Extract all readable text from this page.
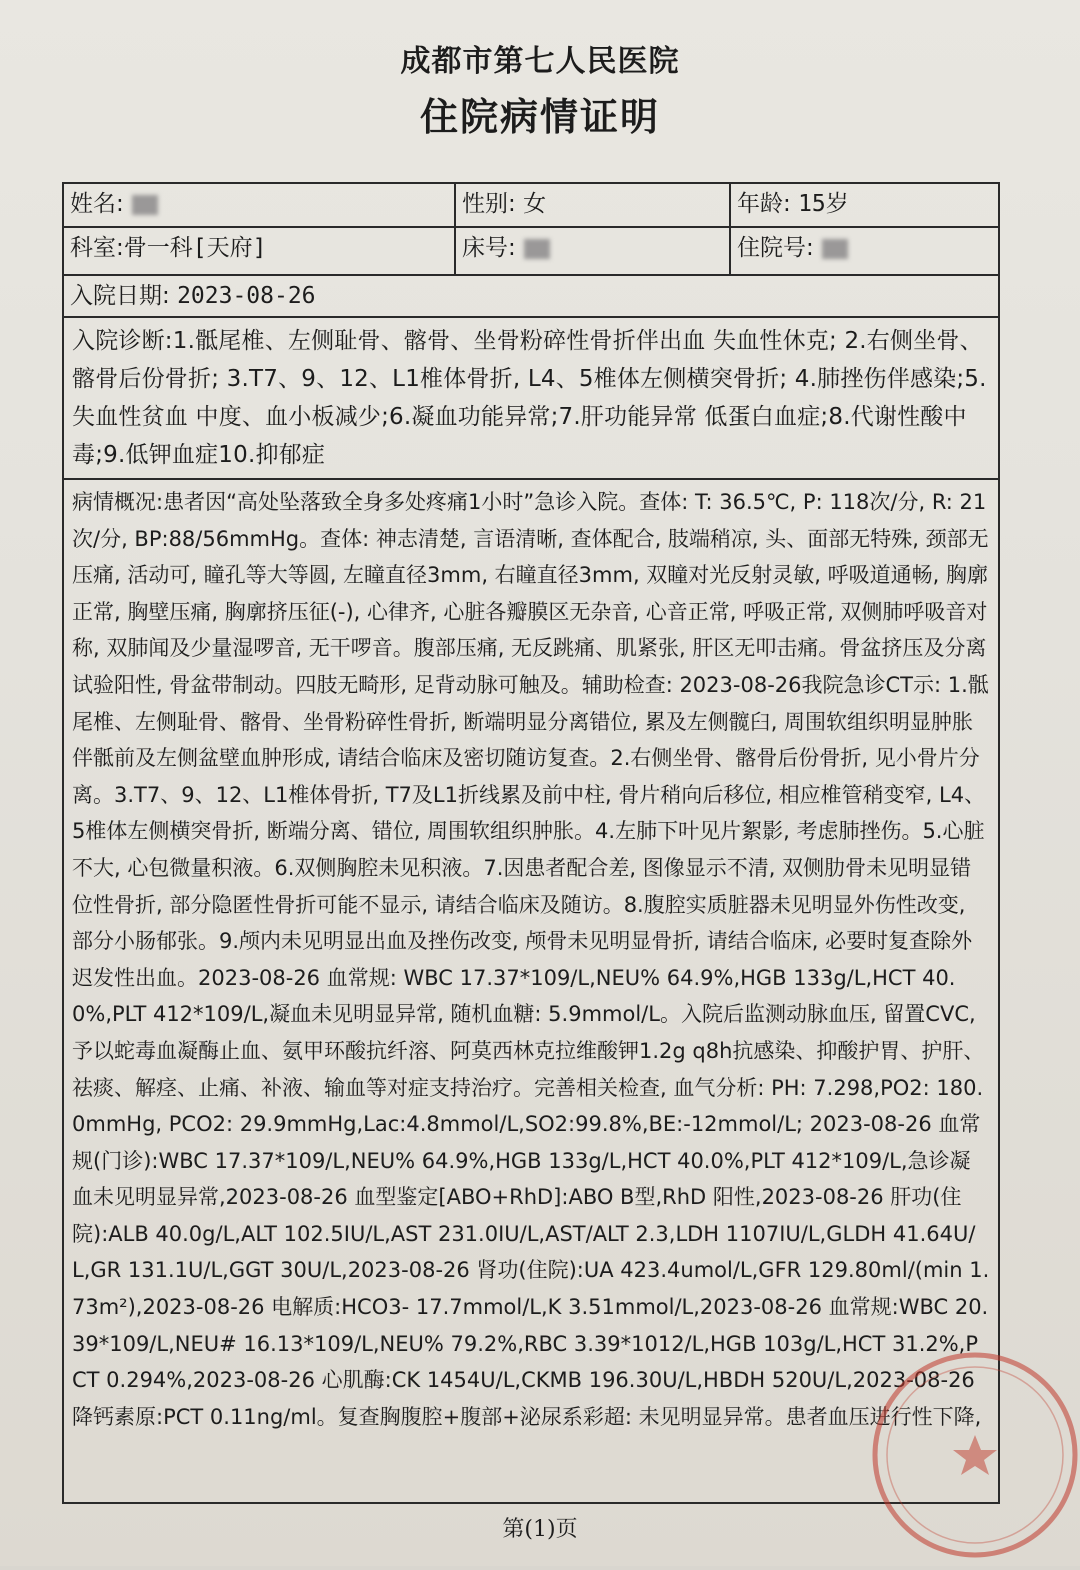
成都市第七人民医院
住院病情证明
姓名:	性别: 女	年龄: 15岁
科室:骨一科[天府]	床号:	住院号:
入院日期: 2023-08-26
入院诊断:1.骶尾椎、左侧耻骨、髂骨、坐骨粉碎性骨折伴出血 失血性休克; 2.右侧坐骨、髂骨后份骨折; 3.T7、9、12、L1椎体骨折, L4、5椎体左侧横突骨折; 4.肺挫伤伴感染;5.失血性贫血 中度、血小板减少;6.凝血功能异常;7.肝功能异常 低蛋白血症;8.代谢性酸中毒;9.低钾血症10.抑郁症
病情概况:患者因“高处坠落致全身多处疼痛1小时”急诊入院。查体: T: 36.5℃, P: 118次/分, R: 21次/分, BP:88/56mmHg。查体: 神志清楚, 言语清晰, 查体配合, 肢端稍凉, 头、面部无特殊, 颈部无压痛, 活动可, 瞳孔等大等圆, 左瞳直径3mm, 右瞳直径3mm, 双瞳对光反射灵敏, 呼吸道通畅, 胸廓正常, 胸壁压痛, 胸廓挤压征(-), 心律齐, 心脏各瓣膜区无杂音, 心音正常, 呼吸正常, 双侧肺呼吸音对称, 双肺闻及少量湿啰音, 无干啰音。腹部压痛, 无反跳痛、肌紧张, 肝区无叩击痛。骨盆挤压及分离试验阳性, 骨盆带制动。四肢无畸形, 足背动脉可触及。辅助检查: 2023-08-26我院急诊CT示: 1.骶尾椎、左侧耻骨、髂骨、坐骨粉碎性骨折, 断端明显分离错位, 累及左侧髋臼, 周围软组织明显肿胀伴骶前及左侧盆壁血肿形成, 请结合临床及密切随访复查。2.右侧坐骨、髂骨后份骨折, 见小骨片分离。3.T7、9、12、L1椎体骨折, T7及L1折线累及前中柱, 骨片稍向后移位, 相应椎管稍变窄, L4、5椎体左侧横突骨折, 断端分离、错位, 周围软组织肿胀。4.左肺下叶见片絮影, 考虑肺挫伤。5.心脏不大, 心包微量积液。6.双侧胸腔未见积液。7.因患者配合差, 图像显示不清, 双侧肋骨未见明显错位性骨折, 部分隐匿性骨折可能不显示, 请结合临床及随访。8.腹腔实质脏器未见明显外伤性改变, 部分小肠郁张。9.颅内未见明显出血及挫伤改变, 颅骨未见明显骨折, 请结合临床, 必要时复查除外迟发性出血。2023-08-26 血常规: WBC 17.37*109/L,NEU% 64.9%,HGB 133g/L,HCT 40.0%,PLT 412*109/L,凝血未见明显异常, 随机血糖: 5.9mmol/L。入院后监测动脉血压, 留置CVC, 予以蛇毒血凝酶止血、氨甲环酸抗纤溶、阿莫西林克拉维酸钾1.2g q8h抗感染、抑酸护胃、护肝、祛痰、解痉、止痛、补液、输血等对症支持治疗。完善相关检查, 血气分析: PH: 7.298,PO2: 180.0mmHg, PCO2: 29.9mmHg,Lac:4.8mmol/L,SO2:99.8%,BE:-12mmol/L; 2023-08-26 血常规(门诊):WBC 17.37*109/L,NEU% 64.9%,HGB 133g/L,HCT 40.0%,PLT 412*109/L,急诊凝血未见明显异常,2023-08-26 血型鉴定[ABO+RhD]:ABO B型,RhD 阳性,2023-08-26 肝功(住院):ALB 40.0g/L,ALT 102.5IU/L,AST 231.0IU/L,AST/ALT 2.3,LDH 1107IU/L,GLDH 41.64U/L,GR 131.1U/L,GGT 30U/L,2023-08-26 肾功(住院):UA 423.4umol/L,GFR 129.80ml/(min 1.73m²),2023-08-26 电解质:HCO3- 17.7mmol/L,K 3.51mmol/L,2023-08-26 血常规:WBC 20.39*109/L,NEU# 16.13*109/L,NEU% 79.2%,RBC 3.39*1012/L,HGB 103g/L,HCT 31.2%,PCT 0.294%,2023-08-26 心肌酶:CK 1454U/L,CKMB 196.30U/L,HBDH 520U/L,2023-08-26 降钙素原:PCT 0.11ng/ml。复查胸腹腔+腹部+泌尿系彩超: 未见明显异常。患者血压进行性下降,
第(1)页
